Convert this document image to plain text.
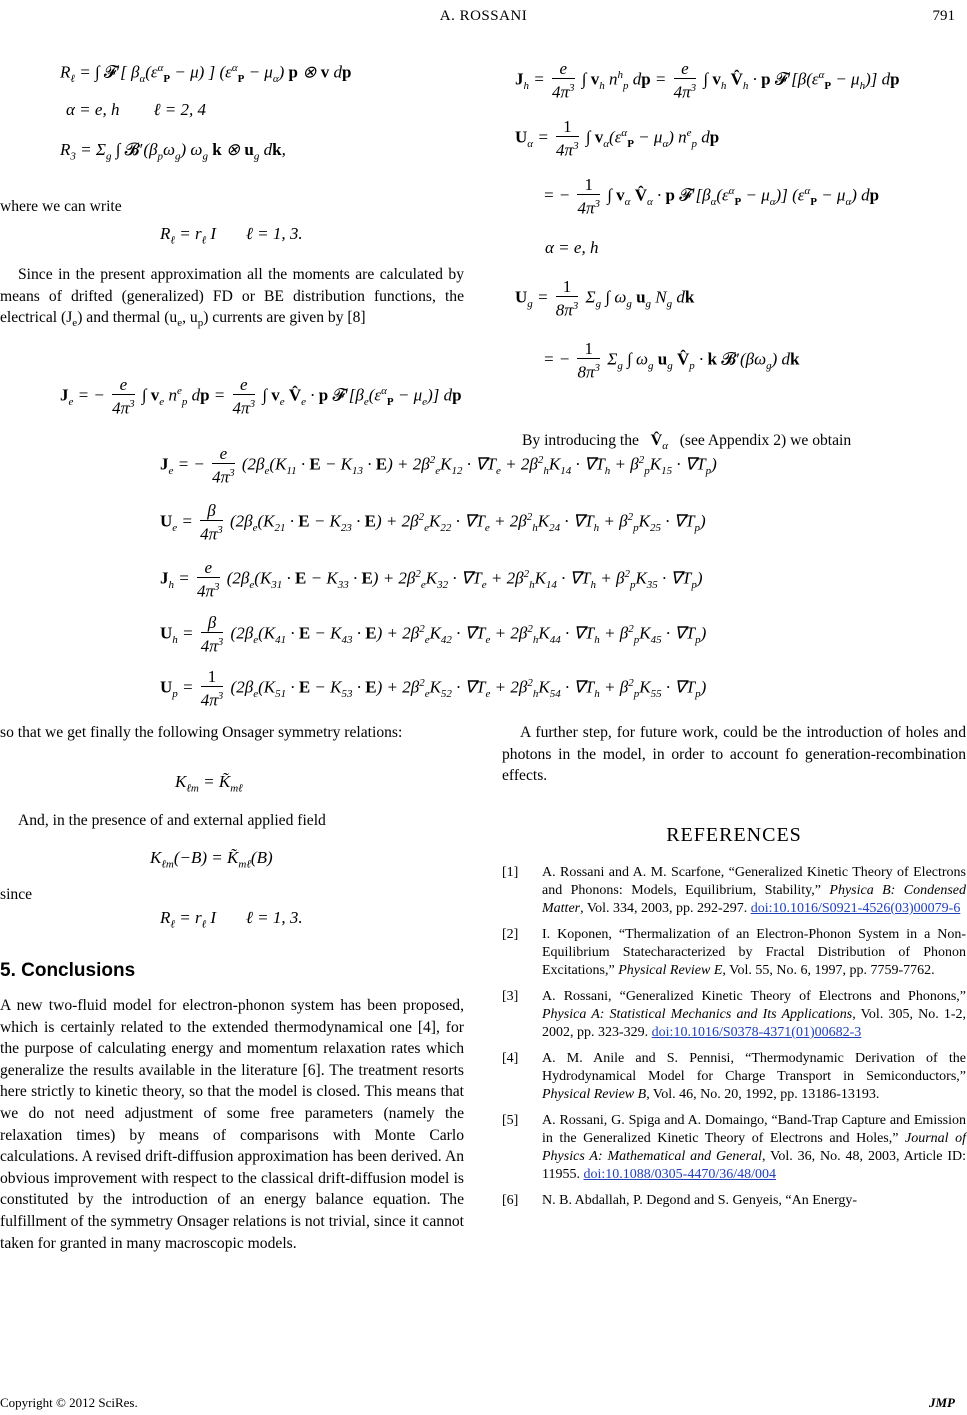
A. ROSSANI	791
$R_\ell$ = ∫ 𝓕′[ $\beta_\alpha(\varepsilon^\alpha_P - \mu)$ ] $(\varepsilon^\alpha_P - \mu_\alpha)$ p ⊗ v dp
α = e, h        ℓ = 2, 4
$R_3 = \Sigma_g$ ∫ $𝓑'(\beta_p\omega_g)$ $\omega_g$ k ⊗ $u_g$ dk,
where we can write
$R_\ell = r_\ell$ I       ℓ = 1, 3.

Since in the present approximation all the moments are calculated by means of drifted (generalized) FD or BE distribution functions, the electrical $(J_e)$ and thermal ($u_e$, $u_p$) currents are given by [8]

$J_e$ = − $\frac{e}{4\pi^3}$ ∫ $v_e$ $n^e_p$ dp = $\frac{e}{4\pi^3}$ ∫ $v_e$ $V̂_e \cdot p$ $𝓕'[\beta_e(\varepsilon^\alpha_P - \mu_e)]$ dp
$J_h = \frac{e}{4\pi^3}$ ∫ $v_h$ $n^h_p$ dp = $\frac{e}{4\pi^3}$ ∫ $v_h$ $V̂_h \cdot p$ $𝓕'[\beta(\varepsilon^\alpha_P - \mu_h)]$ dp
$U_\alpha = \frac{1}{4\pi^3}$ ∫ $v_\alpha(\varepsilon^\alpha_P - \mu_\alpha)$ $n^e_p$ dp
= − $\frac{1}{4\pi^3}$ ∫ $v_\alpha$ $V̂_\alpha \cdot p$ $𝓕'[\beta_\alpha(\varepsilon^\alpha_P - \mu_\alpha)] (\varepsilon^\alpha_P - \mu_\alpha)$ dp
α = e, h
$U_g = \frac{1}{8\pi^3} \Sigma_g$ ∫ $\omega_g$ $u_g$ $N_g$ dk
= − $\frac{1}{8\pi^3} \Sigma_g$ ∫ $\omega_g$ $u_g$ $V̂_p \cdot k$ $𝓑'(\beta\omega_g)$ dk
By introducing the $V̂_\alpha$ (see Appendix 2) we obtain
$J_e$ = − $\frac{e}{4\pi^3} (2\beta_e(K_{11} \cdot E - K_{13} \cdot E) + 2\beta^2_eK_{12} \cdot \nabla T_e + 2\beta^2_hK_{14} \cdot \nabla T_h + \beta^2_pK_{15} \cdot \nabla T_p)$
$U_e = \frac{\beta}{4\pi^3} (2\beta_e(K_{21} \cdot E - K_{23} \cdot E) + 2\beta^2_eK_{22} \cdot \nabla T_e + 2\beta^2_hK_{24} \cdot \nabla T_h + \beta^2_pK_{25} \cdot \nabla T_p)$
$J_h = \frac{e}{4\pi^3} (2\beta_e(K_{31} \cdot E - K_{33} \cdot E) + 2\beta^2_eK_{32} \cdot \nabla T_e + 2\beta^2_hK_{14} \cdot \nabla T_h + \beta^2_pK_{35} \cdot \nabla T_p)$
$U_h = \frac{\beta}{4\pi^3} (2\beta_e(K_{41} \cdot E - K_{43} \cdot E) + 2\beta^2_eK_{42} \cdot \nabla T_e + 2\beta^2_hK_{44} \cdot \nabla T_h + \beta^2_pK_{45} \cdot \nabla T_p)$
$U_p = \frac{1}{4\pi^3} (2\beta_e(K_{51} \cdot E - K_{53} \cdot E) + 2\beta^2_eK_{52} \cdot \nabla T_e + 2\beta^2_hK_{54} \cdot \nabla T_h + \beta^2_pK_{55} \cdot \nabla T_p)$
so that we get finally the following Onsager symmetry relations:
$K_{\ell m}$ = $K̃_{m\ell}$

And, in the presence of and external applied field

$K_{\ell m}(-B)$ = $K̃_{m\ell}(B)$
since
$R_\ell = r_\ell$ I       ℓ = 1, 3.
5. Conclusions
A new two-fluid model for electron-phonon system has been proposed, which is certainly related to the extended thermodynamical one [4], for the purpose of calculating energy and momentum relaxation rates which generalize the results available in the literature [6]. The treatment resorts here strictly to kinetic theory, so that the model is closed. This means that we do not need adjustment of some free parameters (namely the relaxation times) by means of comparisons with Monte Carlo calculations. A revised drift-diffusion approximation has been derived. An obvious improvement with respect to the classical drift-diffusion model is constituted by the introduction of an energy balance equation. The fulfillment of the symmetry Onsager relations is not trivial, since it cannot taken for granted in many macroscopic models.

A further step, for future work, could be the introduction of holes and photons in the model, in order to account fo generation-recombination effects.

REFERENCES
[1] A. Rossani and A. M. Scarfone, “Generalized Kinetic Theory of Electrons and Phonons: Models, Equilibrium, Stability,” Physica B: Condensed Matter, Vol. 334, 2003, pp. 292-297. doi:10.1016/S0921-4526(03)00079-6
[2] I. Koponen, “Thermalization of an Electron-Phonon System in a Non-Equilibrium Statecharacterized by Fractal Distribution of Phonon Excitations,” Physical Review E, Vol. 55, No. 6, 1997, pp. 7759-7762.
[3] A. Rossani, “Generalized Kinetic Theory of Electrons and Phonons,” Physica A: Statistical Mechanics and Its Applications, Vol. 305, No. 1-2, 2002, pp. 323-329. doi:10.1016/S0378-4371(01)00682-3
[4] A. M. Anile and S. Pennisi, “Thermodynamic Derivation of the Hydrodynamical Model for Charge Transport in Semiconductors,” Physical Review B, Vol. 46, No. 20, 1992, pp. 13186-13193.
[5] A. Rossani, G. Spiga and A. Domaingo, “Band-Trap Capture and Emission in the Generalized Kinetic Theory of Electrons and Holes,” Journal of Physics A: Mathematical and General, Vol. 36, No. 48, 2003, Article ID: 11955. doi:10.1088/0305-4470/36/48/004
[6] N. B. Abdallah, P. Degond and S. Genyeis, “An Energy-
Copyright © 2012 SciRes.	JMP
